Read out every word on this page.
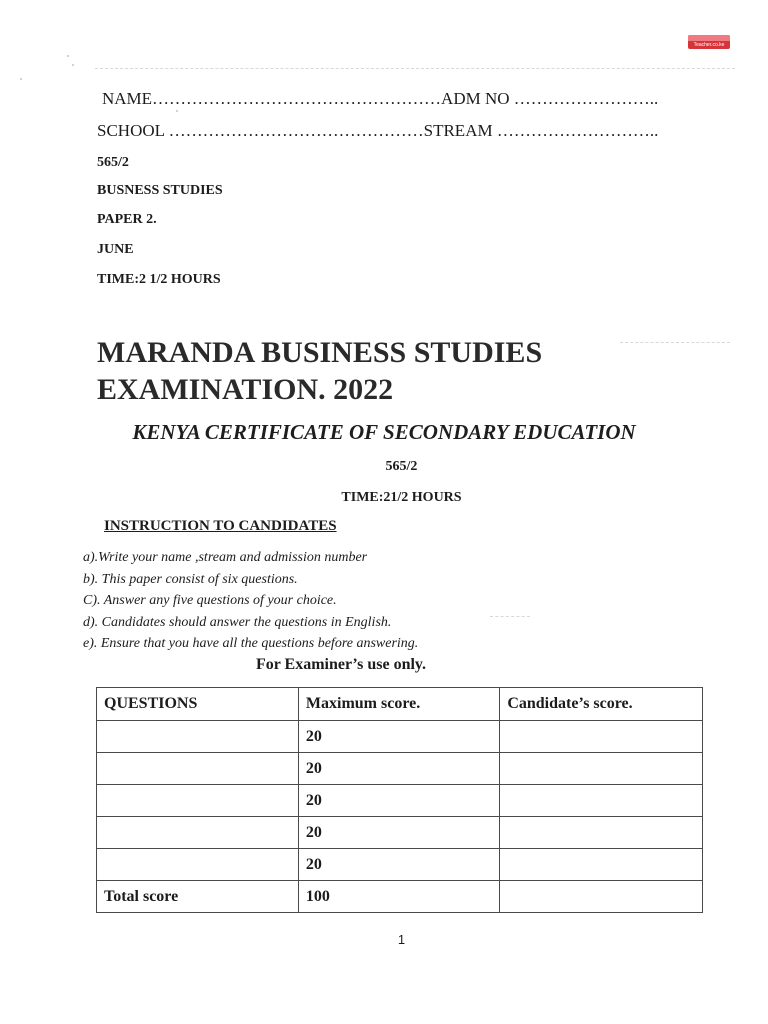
Teacher.co.ke
NAME……………………………………………ADM NO ……………………..
SCHOOL ………………………………………STREAM ………………………..
565/2
BUSNESS STUDIES
PAPER 2.
JUNE
TIME:2 1/2 HOURS
MARANDA BUSINESS STUDIES
EXAMINATION. 2022
KENYA CERTIFICATE OF SECONDARY EDUCATION
565/2
TIME:21/2 HOURS
INSTRUCTION TO CANDIDATES
a).Write your name ,stream and admission number
b). This paper consist of six questions.
C). Answer any five questions of your choice.
d). Candidates should answer the questions in English.
e). Ensure that you have all the questions before answering.
For Examiner’s use only.
QUESTIONS	Maximum score.	Candidate’s score.
	20	
	20	
	20	
	20	
	20	
Total score	100	
1
